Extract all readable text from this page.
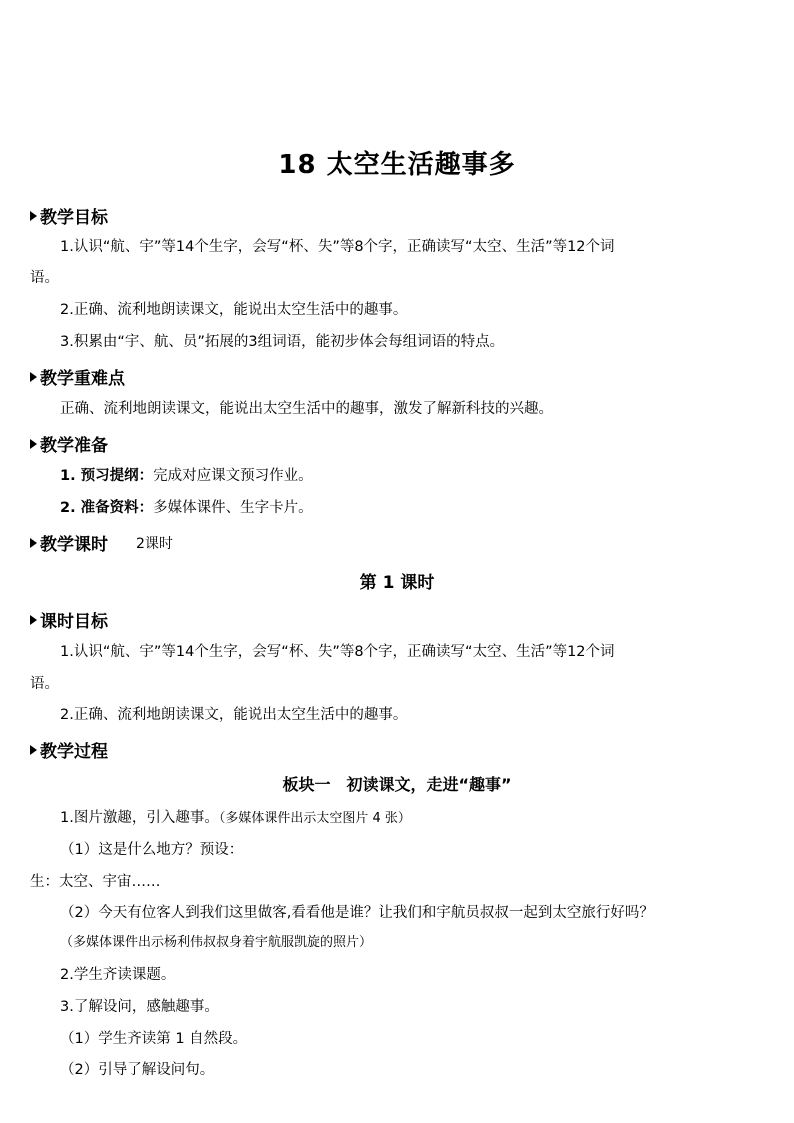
18 太空生活趣事多
教学目标
1.认识“航、宇”等14个生字，会写“杯、失”等8个字，正确读写“太空、生活”等12个词
语。
2.正确、流利地朗读课文，能说出太空生活中的趣事。
3.积累由“宇、航、员”拓展的3组词语，能初步体会每组词语的特点。
教学重难点
正确、流利地朗读课文，能说出太空生活中的趣事，激发了解新科技的兴趣。
教学准备
1. 预习提纲：完成对应课文预习作业。
2. 准备资料：多媒体课件、生字卡片。
教学课时 2课时
第 1 课时
课时目标
1.认识“航、宇”等14个生字，会写“杯、失”等8个字，正确读写“太空、生活”等12个词
语。
2.正确、流利地朗读课文，能说出太空生活中的趣事。
教学过程
板块一　初读课文，走进“趣事”
1.图片激趣，引入趣事。（多媒体课件出示太空图片 4 张）
（1）这是什么地方？预设：
生：太空、宇宙……
（2）今天有位客人到我们这里做客,看看他是谁？让我们和宇航员叔叔一起到太空旅行好吗？
（多媒体课件出示杨利伟叔叔身着宇航服凯旋的照片）
2.学生齐读课题。
3.了解设问，感触趣事。
（1）学生齐读第 1 自然段。
（2）引导了解设问句。
